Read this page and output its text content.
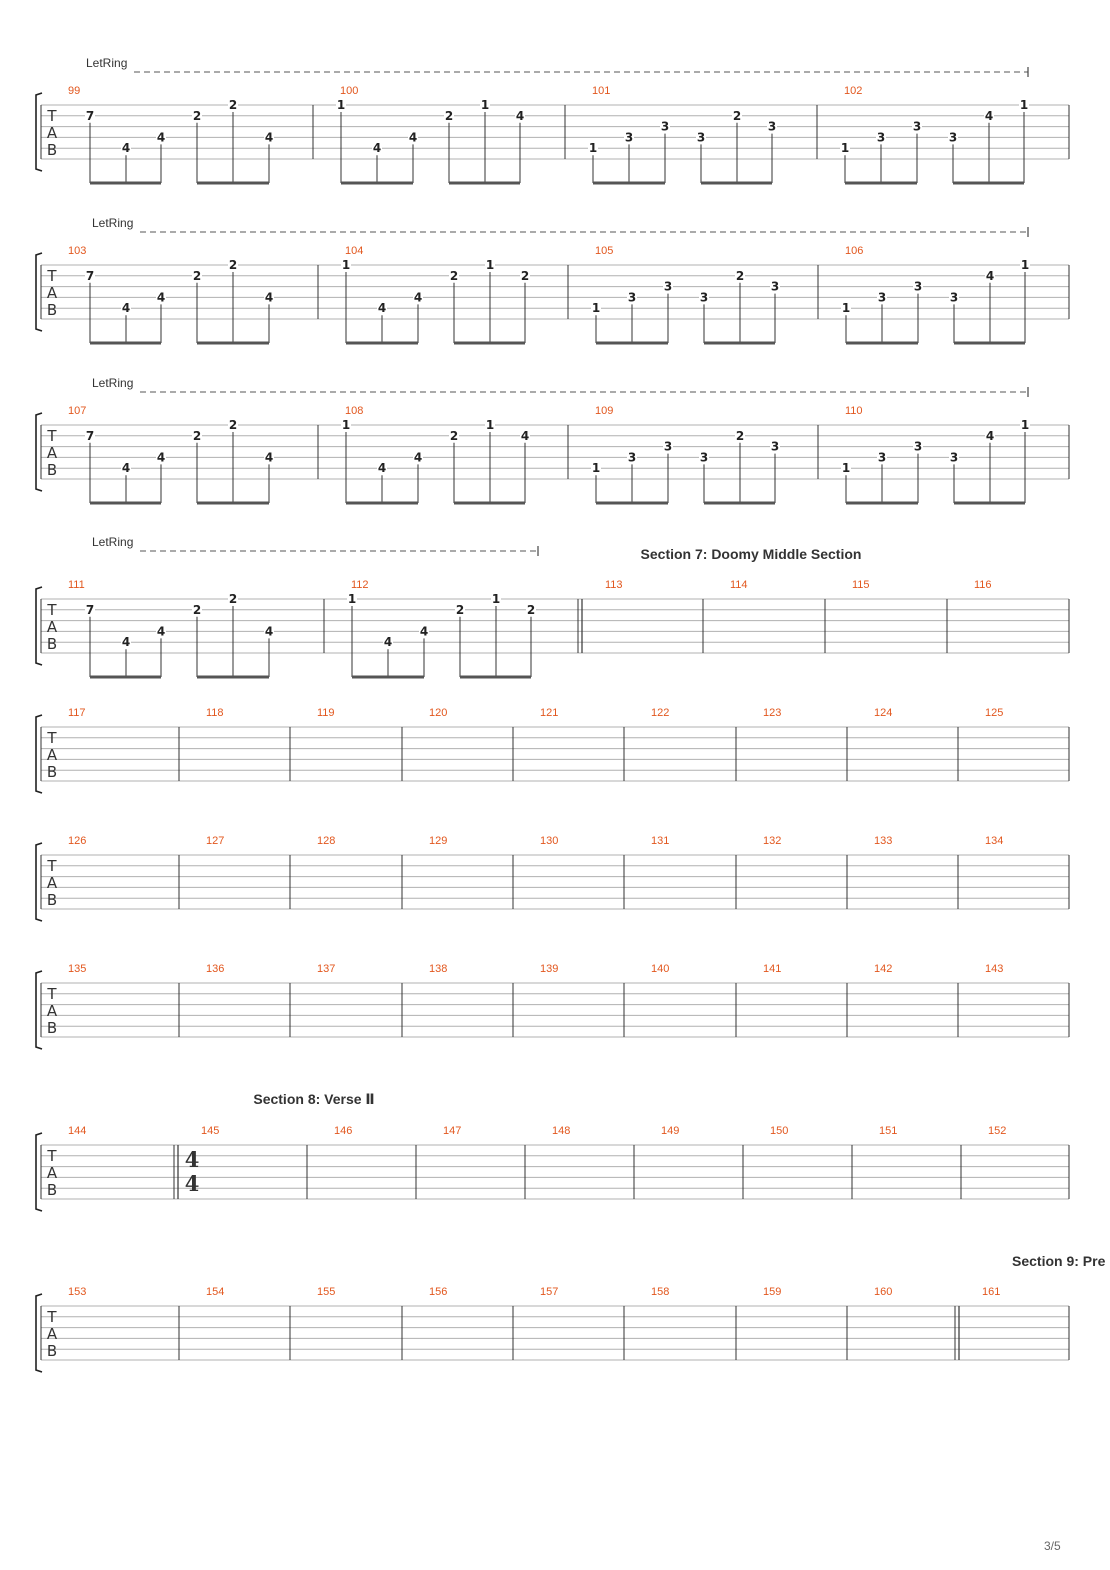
LetRing
T
A
B
99
7
4
4
2
2
4
100
1
4
4
2
1
4
101
1
3
3
3
2
3
102
1
3
3
3
4
1
LetRing
T
A
B
103
7
4
4
2
2
4
104
1
4
4
2
1
2
105
1
3
3
3
2
3
106
1
3
3
3
4
1
LetRing
T
A
B
107
7
4
4
2
2
4
108
1
4
4
2
1
4
109
1
3
3
3
2
3
110
1
3
3
3
4
1
LetRing
Section 7: Doomy Middle Section
T
A
B
111
7
4
4
2
2
4
112
1
4
4
2
1
2
113	114	115	116
T
A
B
117	118	119	120	121	122	123	124	125
T
A
B
126	127	128	129	130	131	132	133	134
T
A
B
135	136	137	138	139	140	141	142	143
Section 8: Verse Ⅱ
T
A
B
144	145
4
4
146	147	148	149	150	151	152
Section 9: Pre
T
A
B
153	154	155	156	157	158	159	160	161
3/5
